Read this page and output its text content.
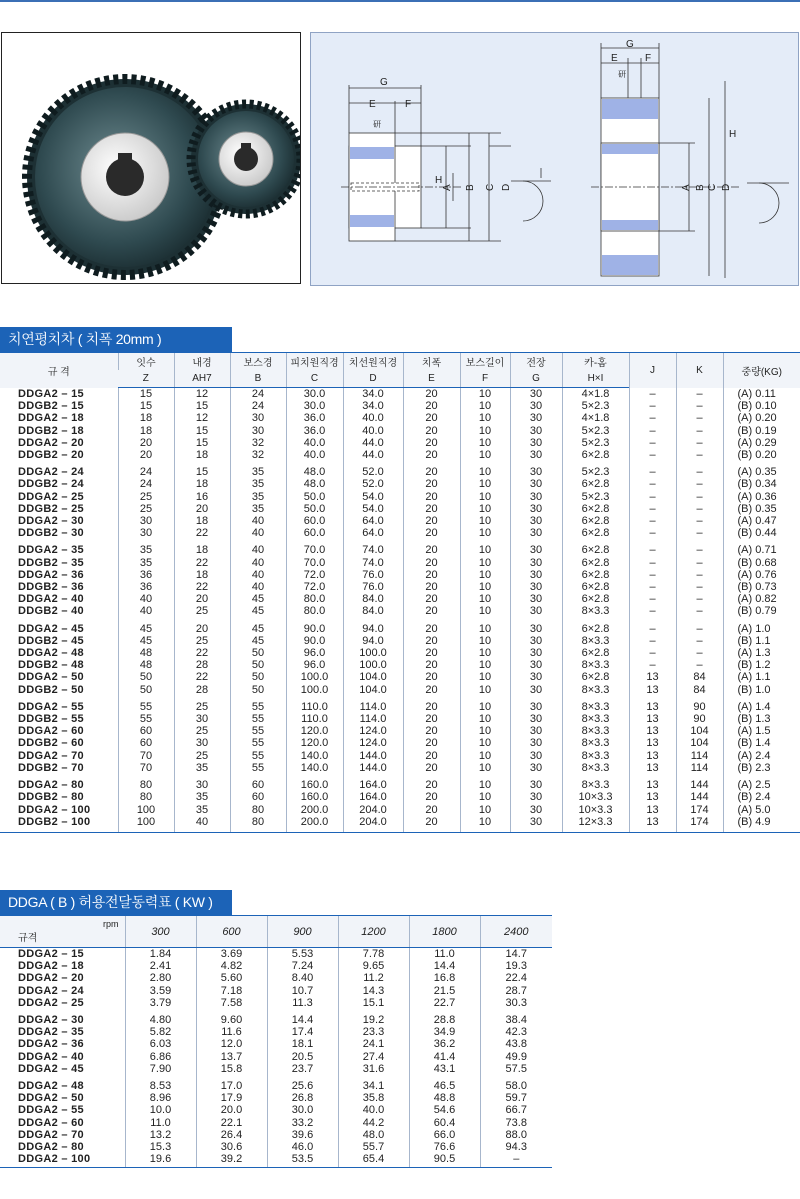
G
E	F
H
A B C D
G
E	F
H
A B C D
研
研
치연평치차 ( 치폭 20mm )
규 격	잇수	내경	보스경	피치원직경	치선원직경	치폭	보스길이	전장	카-홈	J	K	중량(KG)
	Z	AH7	B	C	D	E	F	G	H×I			
DDGA2 – 15	15	12	24	30.0	34.0	20	10	30	4×1.8	–	–	(A) 0.11
DDGB2 – 15	15	15	24	30.0	34.0	20	10	30	5×2.3	–	–	(B) 0.10
DDGA2 – 18	18	12	30	36.0	40.0	20	10	30	4×1.8	–	–	(A) 0.20
DDGB2 – 18	18	15	30	36.0	40.0	20	10	30	5×2.3	–	–	(B) 0.19
DDGA2 – 20	20	15	32	40.0	44.0	20	10	30	5×2.3	–	–	(A) 0.29
DDGB2 – 20	20	18	32	40.0	44.0	20	10	30	6×2.8	–	–	(B) 0.20
DDGA2 – 24	24	15	35	48.0	52.0	20	10	30	5×2.3	–	–	(A) 0.35
DDGB2 – 24	24	18	35	48.0	52.0	20	10	30	6×2.8	–	–	(B) 0.34
DDGA2 – 25	25	16	35	50.0	54.0	20	10	30	5×2.3	–	–	(A) 0.36
DDGB2 – 25	25	20	35	50.0	54.0	20	10	30	6×2.8	–	–	(B) 0.35
DDGA2 – 30	30	18	40	60.0	64.0	20	10	30	6×2.8	–	–	(A) 0.47
DDGB2 – 30	30	22	40	60.0	64.0	20	10	30	6×2.8	–	–	(B) 0.44
DDGA2 – 35	35	18	40	70.0	74.0	20	10	30	6×2.8	–	–	(A) 0.71
DDGB2 – 35	35	22	40	70.0	74.0	20	10	30	6×2.8	–	–	(B) 0.68
DDGA2 – 36	36	18	40	72.0	76.0	20	10	30	6×2.8	–	–	(A) 0.76
DDGB2 – 36	36	22	40	72.0	76.0	20	10	30	6×2.8	–	–	(B) 0.73
DDGA2 – 40	40	20	45	80.0	84.0	20	10	30	6×2.8	–	–	(A) 0.82
DDGB2 – 40	40	25	45	80.0	84.0	20	10	30	8×3.3	–	–	(B) 0.79
DDGA2 – 45	45	20	45	90.0	94.0	20	10	30	6×2.8	–	–	(A) 1.0
DDGB2 – 45	45	25	45	90.0	94.0	20	10	30	8×3.3	–	–	(B) 1.1
DDGA2 – 48	48	22	50	96.0	100.0	20	10	30	6×2.8	–	–	(A) 1.3
DDGB2 – 48	48	28	50	96.0	100.0	20	10	30	8×3.3	–	–	(B) 1.2
DDGA2 – 50	50	22	50	100.0	104.0	20	10	30	6×2.8	13	84	(A) 1.1
DDGB2 – 50	50	28	50	100.0	104.0	20	10	30	8×3.3	13	84	(B) 1.0
DDGA2 – 55	55	25	55	110.0	114.0	20	10	30	8×3.3	13	90	(A) 1.4
DDGB2 – 55	55	30	55	110.0	114.0	20	10	30	8×3.3	13	90	(B) 1.3
DDGA2 – 60	60	25	55	120.0	124.0	20	10	30	8×3.3	13	104	(A) 1.5
DDGB2 – 60	60	30	55	120.0	124.0	20	10	30	8×3.3	13	104	(B) 1.4
DDGA2 – 70	70	25	55	140.0	144.0	20	10	30	8×3.3	13	114	(A) 2.4
DDGB2 – 70	70	35	55	140.0	144.0	20	10	30	8×3.3	13	114	(B) 2.3
DDGA2 – 80	80	30	60	160.0	164.0	20	10	30	8×3.3	13	144	(A) 2.5
DDGB2 – 80	80	35	60	160.0	164.0	20	10	30	10×3.3	13	144	(B) 2.4
DDGA2 – 100	100	35	80	200.0	204.0	20	10	30	10×3.3	13	174	(A) 5.0
DDGB2 – 100	100	40	80	200.0	204.0	20	10	30	12×3.3	13	174	(B) 4.9
DDGA ( B ) 허용전달동력표 ( KW )
rpm
규격	300	600	900	1200	1800	2400
DDGA2 – 15	1.84	3.69	5.53	7.78	11.0	14.7
DDGA2 – 18	2.41	4.82	7.24	9.65	14.4	19.3
DDGA2 – 20	2.80	5.60	8.40	11.2	16.8	22.4
DDGA2 – 24	3.59	7.18	10.7	14.3	21.5	28.7
DDGA2 – 25	3.79	7.58	11.3	15.1	22.7	30.3
DDGA2 – 30	4.80	9.60	14.4	19.2	28.8	38.4
DDGA2 – 35	5.82	11.6	17.4	23.3	34.9	42.3
DDGA2 – 36	6.03	12.0	18.1	24.1	36.2	43.8
DDGA2 – 40	6.86	13.7	20.5	27.4	41.4	49.9
DDGA2 – 45	7.90	15.8	23.7	31.6	43.1	57.5
DDGA2 – 48	8.53	17.0	25.6	34.1	46.5	58.0
DDGA2 – 50	8.96	17.9	26.8	35.8	48.8	59.7
DDGA2 – 55	10.0	20.0	30.0	40.0	54.6	66.7
DDGA2 – 60	11.0	22.1	33.2	44.2	60.4	73.8
DDGA2 – 70	13.2	26.4	39.6	48.0	66.0	88.0
DDGA2 – 80	15.3	30.6	46.0	55.7	76.6	94.3
DDGA2 – 100	19.6	39.2	53.5	65.4	90.5	–
